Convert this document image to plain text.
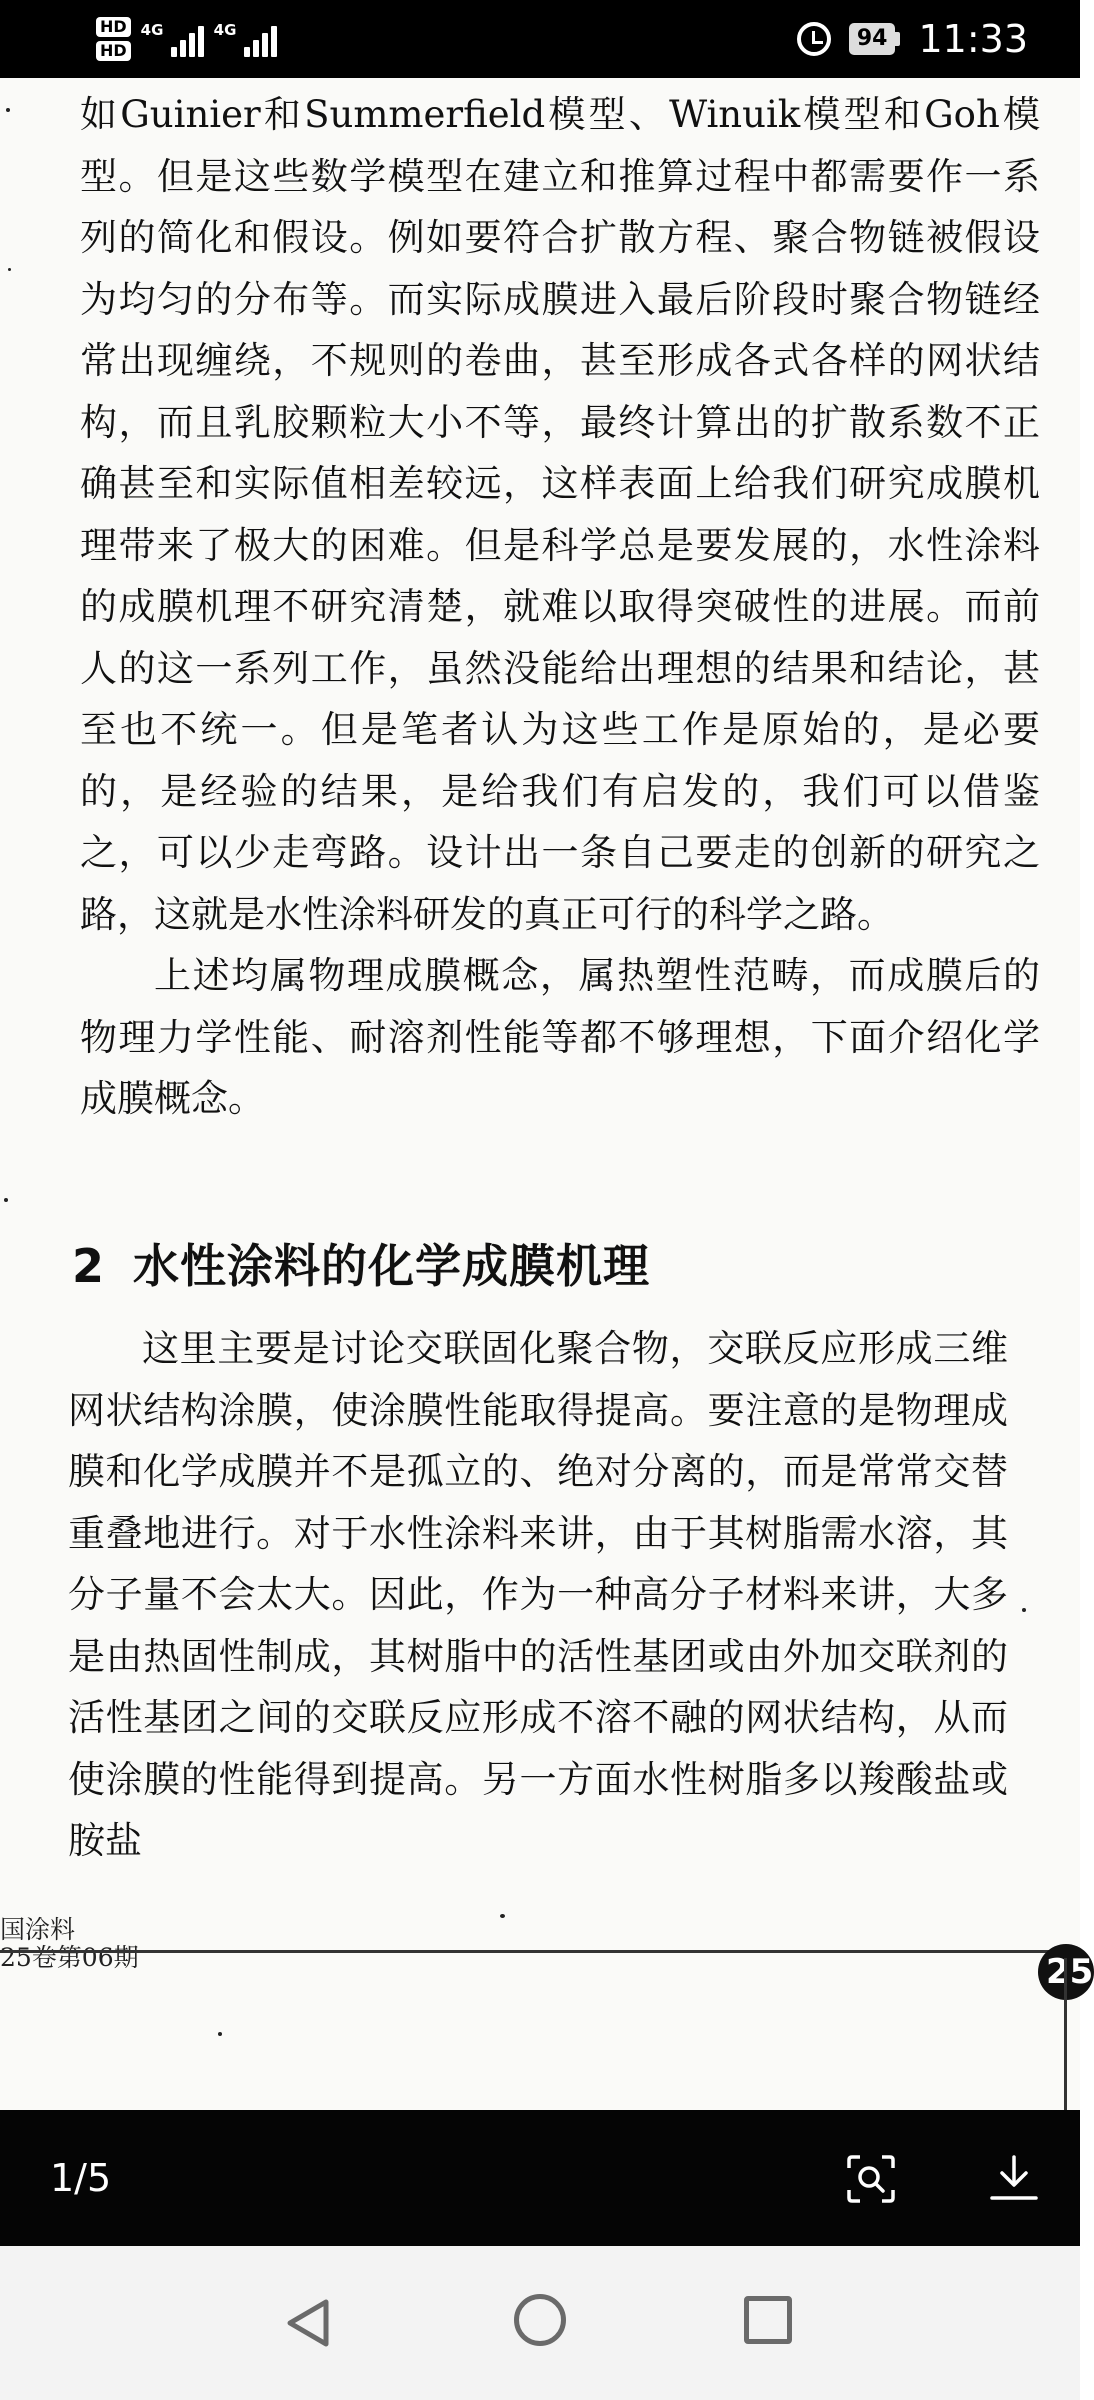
HD
HD
4G	4G	94 11:33

如Guinier和Summerfield模型、Winuik模型和Goh模型。但是这些数学模型在建立和推算过程中都需要作一系列的简化和假设。例如要符合扩散方程、聚合物链被假设为均匀的分布等。而实际成膜进入最后阶段时聚合物链经常出现缠绕，不规则的卷曲，甚至形成各式各样的网状结构，而且乳胶颗粒大小不等，最终计算出的扩散系数不正确甚至和实际值相差较远，这样表面上给我们研究成膜机理带来了极大的困难。但是科学总是要发展的，水性涂料的成膜机理不研究清楚，就难以取得突破性的进展。而前人的这一系列工作，虽然没能给出理想的结果和结论，甚至也不统一。但是笔者认为这些工作是原始的，是必要的，是经验的结果，是给我们有启发的，我们可以借鉴之，可以少走弯路。设计出一条自己要走的创新的研究之路，这就是水性涂料研发的真正可行的科学之路。

上述均属物理成膜概念，属热塑性范畴，而成膜后的物理力学性能、耐溶剂性能等都不够理想，下面介绍化学成膜概念。

2 水性涂料的化学成膜机理

这里主要是讨论交联固化聚合物，交联反应形成三维网状结构涂膜，使涂膜性能取得提高。要注意的是物理成膜和化学成膜并不是孤立的、绝对分离的，而是常常交替重叠地进行。对于水性涂料来讲，由于其树脂需水溶，其分子量不会太大。因此，作为一种高分子材料来讲，大多是由热固性制成，其树脂中的活性基团或由外加交联剂的活性基团之间的交联反应形成不溶不融的网状结构，从而使涂膜的性能得到提高。另一方面水性树脂多以羧酸盐或胺盐

国涂料
25卷第06期	25
1/5
